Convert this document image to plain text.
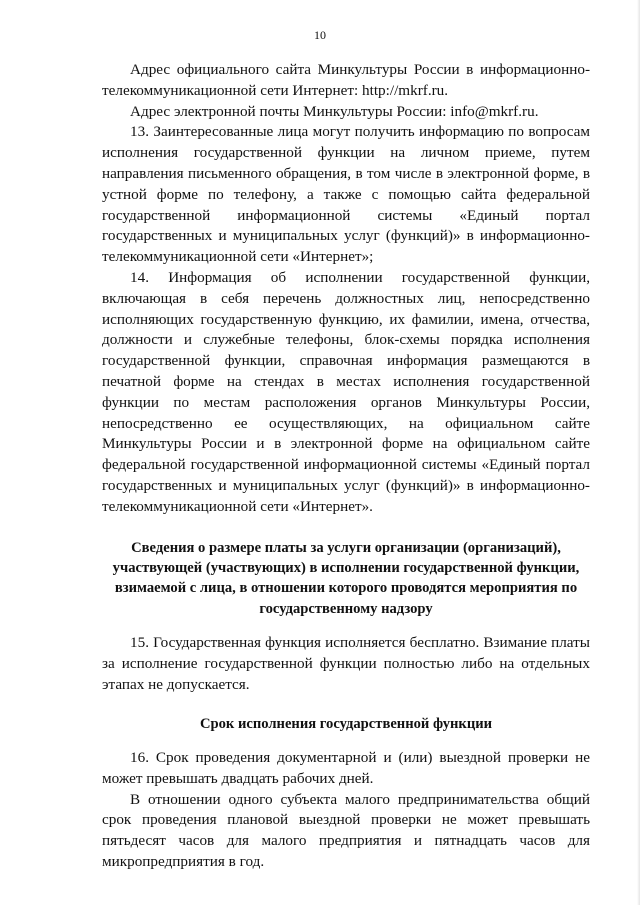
10

Адрес официального сайта Минкультуры России в информационно-телекоммуникационной сети Интернет: http://mkrf.ru.

Адрес электронной почты Минкультуры России: info@mkrf.ru.

13. Заинтересованные лица могут получить информацию по вопросам исполнения государственной функции на личном приеме, путем направления письменного обращения, в том числе в электронной форме, в устной форме по телефону, а также с помощью сайта федеральной государственной информационной системы «Единый портал государственных и муниципальных услуг (функций)» в информационно-телекоммуникационной сети «Интернет»;

14. Информация об исполнении государственной функции, включающая в себя перечень должностных лиц, непосредственно исполняющих государственную функцию, их фамилии, имена, отчества, должности и служебные телефоны, блок-схемы порядка исполнения государственной функции, справочная информация размещаются в печатной форме на стендах в местах исполнения государственной функции по местам расположения органов Минкультуры России, непосредственно ее осуществляющих, на официальном сайте Минкультуры России и в электронной форме на официальном сайте федеральной государственной информационной системы «Единый портал государственных и муниципальных услуг (функций)» в информационно-телекоммуникационной сети «Интернет».

Сведения о размере платы за услуги организации (организаций), участвующей (участвующих) в исполнении государственной функции, взимаемой с лица, в отношении которого проводятся мероприятия по государственному надзору

15. Государственная функция исполняется бесплатно. Взимание платы за исполнение государственной функции полностью либо на отдельных этапах не допускается.

Срок исполнения государственной функции

16. Срок проведения документарной и (или) выездной проверки не может превышать двадцать рабочих дней.

В отношении одного субъекта малого предпринимательства общий срок проведения плановой выездной проверки не может превышать пятьдесят часов для малого предприятия и пятнадцать часов для микропредприятия в год.
